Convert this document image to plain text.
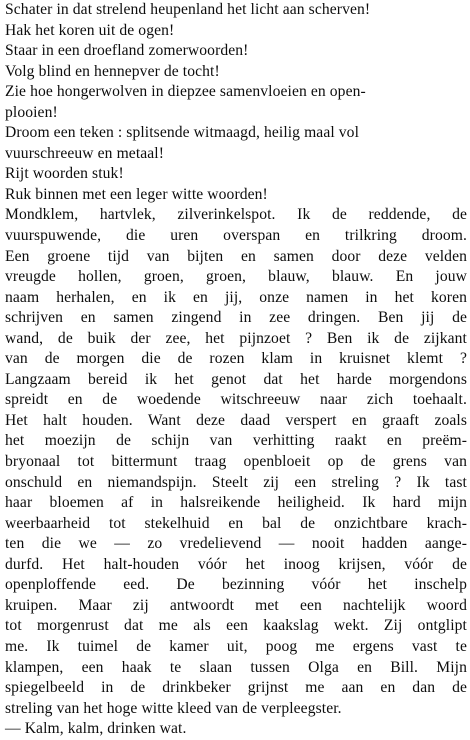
Schater in dat strelend heupenland het licht aan scherven!
Hak het koren uit de ogen!
Staar in een droefland zomerwoorden!
Volg blind en hennepver de tocht!
Zie hoe hongerwolven in diepzee samenvloeien en open-
plooien!
Droom een teken : splitsende witmaagd, heilig maal vol
vuurschreeuw en metaal!
Rijt woorden stuk!
Ruk binnen met een leger witte woorden!
Mondklem, hartvlek, zilverinkelspot. Ik de reddende, de
vuurspuwende, die uren overspan en trilkring droom.
Een groene tijd van bijten en samen door deze velden
vreugde hollen, groen, groen, blauw, blauw. En jouw
naam herhalen, en ik en jij, onze namen in het koren
schrijven en samen zingend in zee dringen. Ben jij de
wand, de buik der zee, het pijnzoet ? Ben ik de zijkant
van de morgen die de rozen klam in kruisnet klemt ?
Langzaam bereid ik het genot dat het harde morgendons
spreidt en de woedende witschreeuw naar zich toehaalt.
Het halt houden. Want deze daad verspert en graaft zoals
het moezijn de schijn van verhitting raakt en preëm-
bryonaal tot bittermunt traag openbloeit op de grens van
onschuld en niemandspijn. Steelt zij een streling ? Ik tast
haar bloemen af in halsreikende heiligheid. Ik hard mijn
weerbaarheid tot stekelhuid en bal de onzichtbare krach-
ten die we — zo vredelievend — nooit hadden aange-
durfd. Het halt-houden vóór het inoog krijsen, vóór de
openploffende eed. De bezinning vóór het inschelp
kruipen. Maar zij antwoordt met een nachtelijk woord
tot morgenrust dat me als een kaakslag wekt. Zij ontglipt
me. Ik tuimel de kamer uit, poog me ergens vast te
klampen, een haak te slaan tussen Olga en Bill. Mijn
spiegelbeeld in de drinkbeker grijnst me aan en dan de
streling van het hoge witte kleed van de verpleegster.
— Kalm, kalm, drinken wat.
